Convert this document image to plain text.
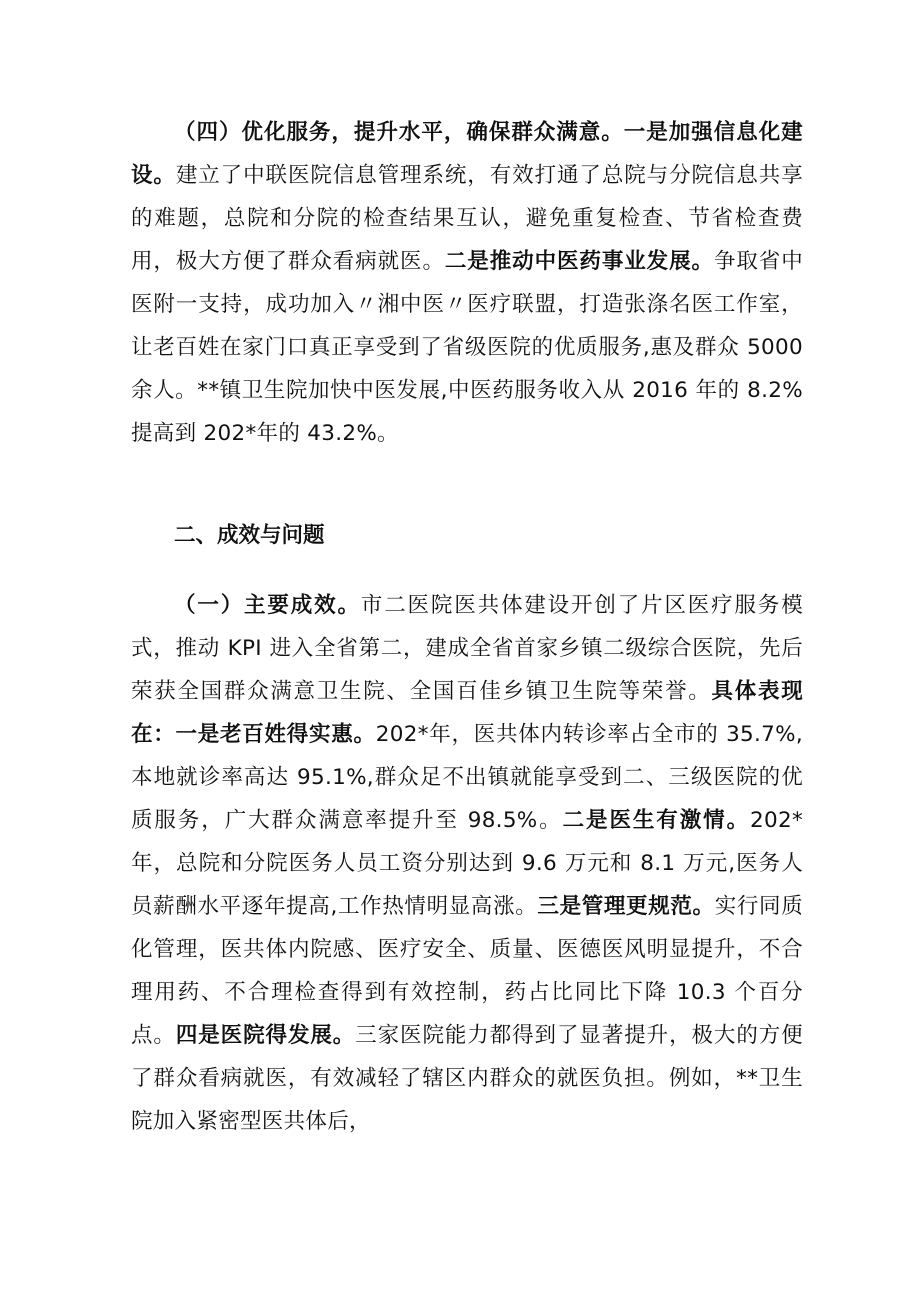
（四）优化服务，提升水平，确保群众满意。一是加强信息化建设。建立了中联医院信息管理系统，有效打通了总院与分院信息共享的难题，总院和分院的检查结果互认，避免重复检查、节省检查费用，极大方便了群众看病就医。二是推动中医药事业发展。争取省中医附一支持，成功加入〃湘中医〃医疗联盟，打造张涤名医工作室，让老百姓在家门口真正享受到了省级医院的优质服务,惠及群众 5000 余人。**镇卫生院加快中医发展,中医药服务收入从 2016 年的 8.2%提高到 202*年的 43.2%。

二、成效与问题

（一）主要成效。市二医院医共体建设开创了片区医疗服务模式，推动 KPI 进入全省第二，建成全省首家乡镇二级综合医院，先后荣获全国群众满意卫生院、全国百佳乡镇卫生院等荣誉。具体表现在：一是老百姓得实惠。202*年，医共体内转诊率占全市的 35.7%,本地就诊率高达 95.1%,群众足不出镇就能享受到二、三级医院的优质服务，广大群众满意率提升至 98.5%。二是医生有激情。202*年，总院和分院医务人员工资分别达到 9.6 万元和 8.1 万元,医务人员薪酬水平逐年提高,工作热情明显高涨。三是管理更规范。实行同质化管理，医共体内院感、医疗安全、质量、医德医风明显提升，不合理用药、不合理检查得到有效控制，药占比同比下降 10.3 个百分点。四是医院得发展。三家医院能力都得到了显著提升，极大的方便了群众看病就医，有效减轻了辖区内群众的就医负担。例如，**卫生院加入紧密型医共体后，
